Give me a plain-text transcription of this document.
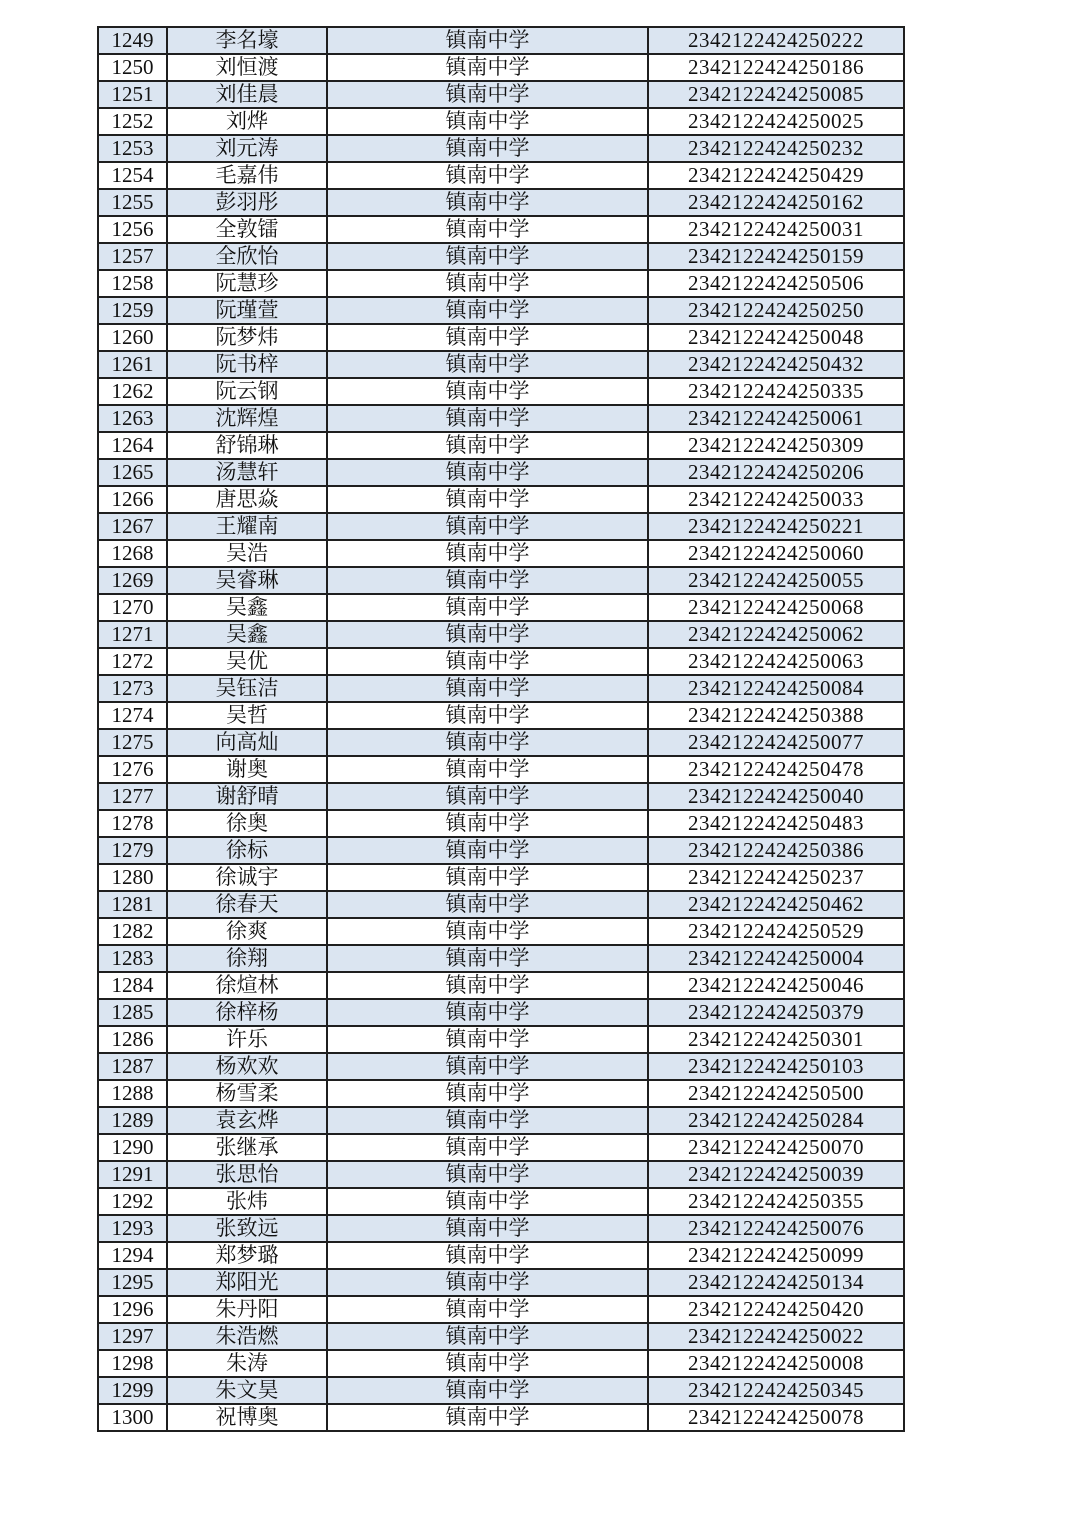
1249	李名壕	镇南中学	2342122424250222
1250	刘恒渡	镇南中学	2342122424250186
1251	刘佳晨	镇南中学	2342122424250085
1252	刘烨	镇南中学	2342122424250025
1253	刘元涛	镇南中学	2342122424250232
1254	毛嘉伟	镇南中学	2342122424250429
1255	彭羽彤	镇南中学	2342122424250162
1256	全敦镭	镇南中学	2342122424250031
1257	全欣怡	镇南中学	2342122424250159
1258	阮慧珍	镇南中学	2342122424250506
1259	阮瑾萱	镇南中学	2342122424250250
1260	阮梦炜	镇南中学	2342122424250048
1261	阮书梓	镇南中学	2342122424250432
1262	阮云钢	镇南中学	2342122424250335
1263	沈辉煌	镇南中学	2342122424250061
1264	舒锦琳	镇南中学	2342122424250309
1265	汤慧轩	镇南中学	2342122424250206
1266	唐思焱	镇南中学	2342122424250033
1267	王耀南	镇南中学	2342122424250221
1268	吴浩	镇南中学	2342122424250060
1269	吴睿琳	镇南中学	2342122424250055
1270	吴鑫	镇南中学	2342122424250068
1271	吴鑫	镇南中学	2342122424250062
1272	吴优	镇南中学	2342122424250063
1273	吴钰洁	镇南中学	2342122424250084
1274	吴哲	镇南中学	2342122424250388
1275	向高灿	镇南中学	2342122424250077
1276	谢奥	镇南中学	2342122424250478
1277	谢舒晴	镇南中学	2342122424250040
1278	徐奥	镇南中学	2342122424250483
1279	徐标	镇南中学	2342122424250386
1280	徐诚宇	镇南中学	2342122424250237
1281	徐春天	镇南中学	2342122424250462
1282	徐爽	镇南中学	2342122424250529
1283	徐翔	镇南中学	2342122424250004
1284	徐煊林	镇南中学	2342122424250046
1285	徐梓杨	镇南中学	2342122424250379
1286	许乐	镇南中学	2342122424250301
1287	杨欢欢	镇南中学	2342122424250103
1288	杨雪柔	镇南中学	2342122424250500
1289	袁玄烨	镇南中学	2342122424250284
1290	张继承	镇南中学	2342122424250070
1291	张思怡	镇南中学	2342122424250039
1292	张炜	镇南中学	2342122424250355
1293	张致远	镇南中学	2342122424250076
1294	郑梦璐	镇南中学	2342122424250099
1295	郑阳光	镇南中学	2342122424250134
1296	朱丹阳	镇南中学	2342122424250420
1297	朱浩燃	镇南中学	2342122424250022
1298	朱涛	镇南中学	2342122424250008
1299	朱文昊	镇南中学	2342122424250345
1300	祝博奥	镇南中学	2342122424250078
